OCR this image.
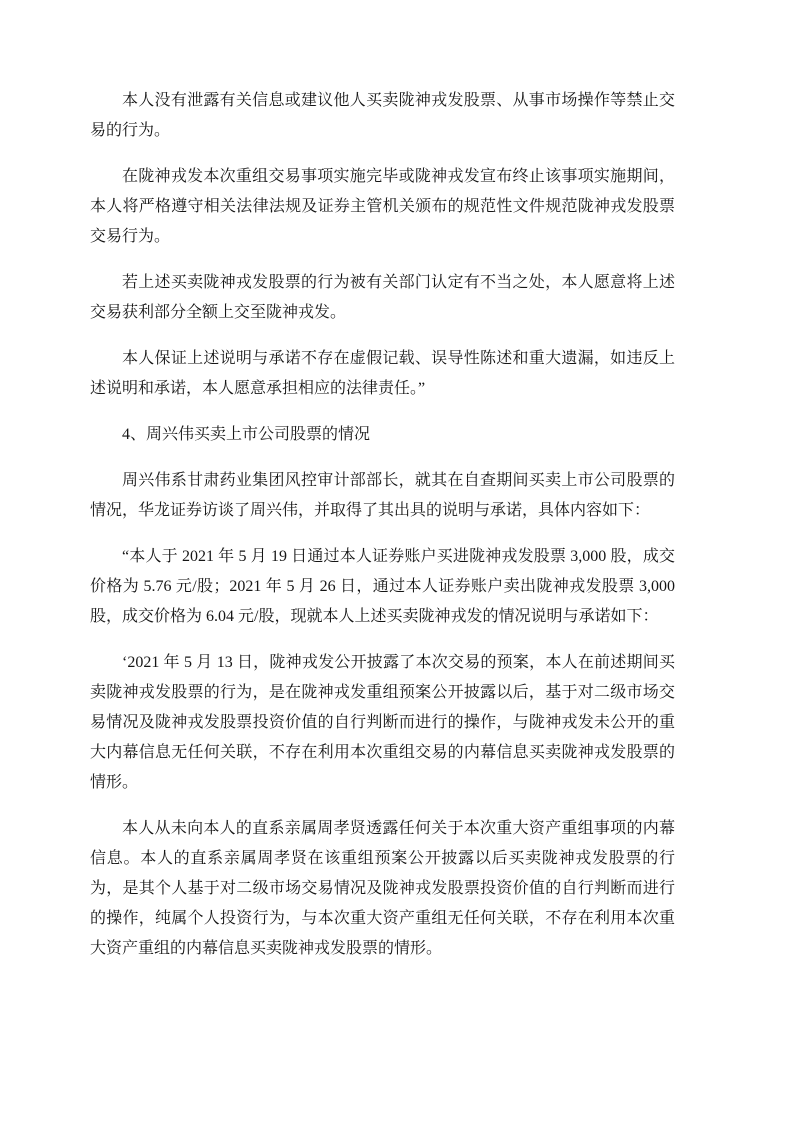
本人没有泄露有关信息或建议他人买卖陇神戎发股票、从事市场操作等禁止交易的行为。

在陇神戎发本次重组交易事项实施完毕或陇神戎发宣布终止该事项实施期间，本人将严格遵守相关法律法规及证券主管机关颁布的规范性文件规范陇神戎发股票交易行为。

若上述买卖陇神戎发股票的行为被有关部门认定有不当之处，本人愿意将上述交易获利部分全额上交至陇神戎发。

本人保证上述说明与承诺不存在虚假记载、误导性陈述和重大遗漏，如违反上述说明和承诺，本人愿意承担相应的法律责任。”

4、周兴伟买卖上市公司股票的情况

周兴伟系甘肃药业集团风控审计部部长，就其在自查期间买卖上市公司股票的情况，华龙证券访谈了周兴伟，并取得了其出具的说明与承诺，具体内容如下：

“本人于 2021 年 5 月 19 日通过本人证券账户买进陇神戎发股票 3,000 股，成交价格为 5.76 元/股；2021 年 5 月 26 日，通过本人证券账户卖出陇神戎发股票 3,000 股，成交价格为 6.04 元/股，现就本人上述买卖陇神戎发的情况说明与承诺如下：

‘2021 年 5 月 13 日，陇神戎发公开披露了本次交易的预案，本人在前述期间买卖陇神戎发股票的行为，是在陇神戎发重组预案公开披露以后，基于对二级市场交易情况及陇神戎发股票投资价值的自行判断而进行的操作，与陇神戎发未公开的重大内幕信息无任何关联，不存在利用本次重组交易的内幕信息买卖陇神戎发股票的情形。

本人从未向本人的直系亲属周孝贤透露任何关于本次重大资产重组事项的内幕信息。本人的直系亲属周孝贤在该重组预案公开披露以后买卖陇神戎发股票的行为，是其个人基于对二级市场交易情况及陇神戎发股票投资价值的自行判断而进行的操作，纯属个人投资行为，与本次重大资产重组无任何关联，不存在利用本次重大资产重组的内幕信息买卖陇神戎发股票的情形。
